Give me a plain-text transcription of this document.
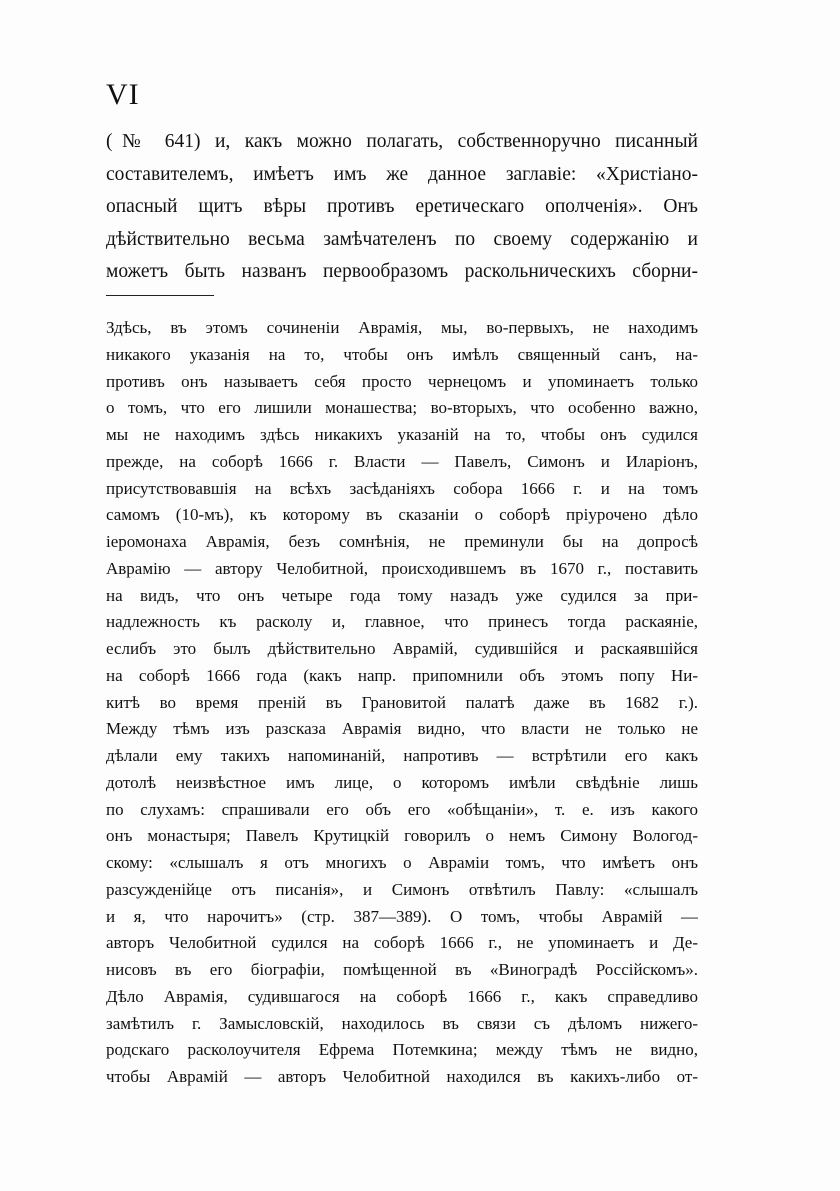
VI
(№ 641) и, какъ можно полагать, собственноручно писанный
составителемъ, имѣетъ имъ же данное заглавіе: «Христіано-
опасный щитъ вѣры противъ еретическаго ополченія». Онъ
дѣйствительно весьма замѣчателенъ по своему содержанію и
можетъ быть названъ первообразомъ раскольническихъ сборни-
Здѣсь, въ этомъ сочиненіи Аврамія, мы, во-первыхъ, не находимъ
никакого указанія на то, чтобы онъ имѣлъ священный санъ, на-
противъ онъ называетъ себя просто чернецомъ и упоминаетъ только
о томъ, что его лишили монашества; во-вторыхъ, что особенно важно,
мы не находимъ здѣсь никакихъ указаній на то, чтобы онъ судился
прежде, на соборѣ 1666 г. Власти — Павелъ, Симонъ и Иларіонъ,
присутствовавшія на всѣхъ засѣданіяхъ собора 1666 г. и на томъ
самомъ (10-мъ), къ которому въ сказаніи о соборѣ пріурочено дѣло
іеромонаха Аврамія, безъ сомнѣнія, не преминули бы на допросѣ
Аврамію — автору Челобитной, происходившемъ въ 1670 г., поставить
на видъ, что онъ четыре года тому назадъ уже судился за при-
надлежность къ расколу и, главное, что принесъ тогда раскаяніе,
еслибъ это былъ дѣйствительно Аврамій, судившійся и раскаявшійся
на соборѣ 1666 года (какъ напр. припомнили объ этомъ попу Ни-
китѣ во время преній въ Грановитой палатѣ даже въ 1682 г.).
Между тѣмъ изъ разсказа Аврамія видно, что власти не только не
дѣлали ему такихъ напоминаній, напротивъ — встрѣтили его какъ
дотолѣ неизвѣстное имъ лице, о которомъ имѣли свѣдѣніе лишь
по слухамъ: спрашивали его объ его «обѣщаніи», т. е. изъ какого
онъ монастыря; Павелъ Крутицкій говорилъ о немъ Симону Вологод-
скому: «слышалъ я отъ многихъ о Авраміи томъ, что имѣетъ онъ
разсужденійце отъ писанія», и Симонъ отвѣтилъ Павлу: «слышалъ
и я, что нарочитъ» (стр. 387—389). О томъ, чтобы Аврамій —
авторъ Челобитной судился на соборѣ 1666 г., не упоминаетъ и Де-
нисовъ въ его біографіи, помѣщенной въ «Виноградѣ Россійскомъ».
Дѣло Аврамія, судившагося на соборѣ 1666 г., какъ справедливо
замѣтилъ г. Замысловскій, находилось въ связи съ дѣломъ нижего-
родскаго расколоучителя Ефрема Потемкина; между тѣмъ не видно,
чтобы Аврамій — авторъ Челобитной находился въ какихъ-либо от-
